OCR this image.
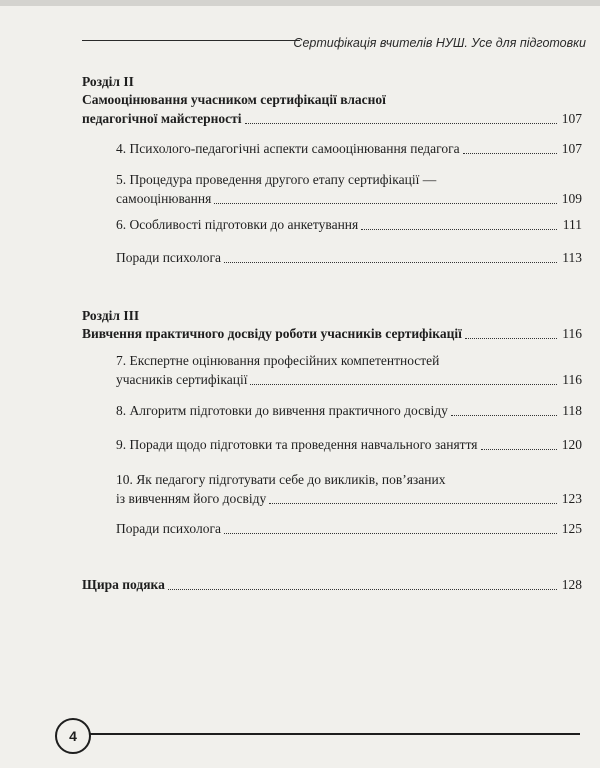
Сертифікація вчителів НУШ. Усе для підготовки
Розділ ІІ
Самооцінювання учасником сертифікації власної
педагогічної майстерності	107
4. Психолого-педагогічні аспекти самооцінювання педагога	107
5. Процедура проведення другого етапу сертифікації —
самооцінювання	109
6. Особливості підготовки до анкетування	111
Поради психолога	113
Розділ ІІІ
Вивчення практичного досвіду роботи учасників сертифікації	116
7. Експертне оцінювання професійних компетентностей
учасників сертифікації	116
8. Алгоритм підготовки до вивчення практичного досвіду	118
9. Поради щодо підготовки та проведення навчального заняття	120
10. Як педагогу підготувати себе до викликів, пов’язаних
із вивченням його досвіду	123
Поради психолога	125
Щира подяка	128
4
